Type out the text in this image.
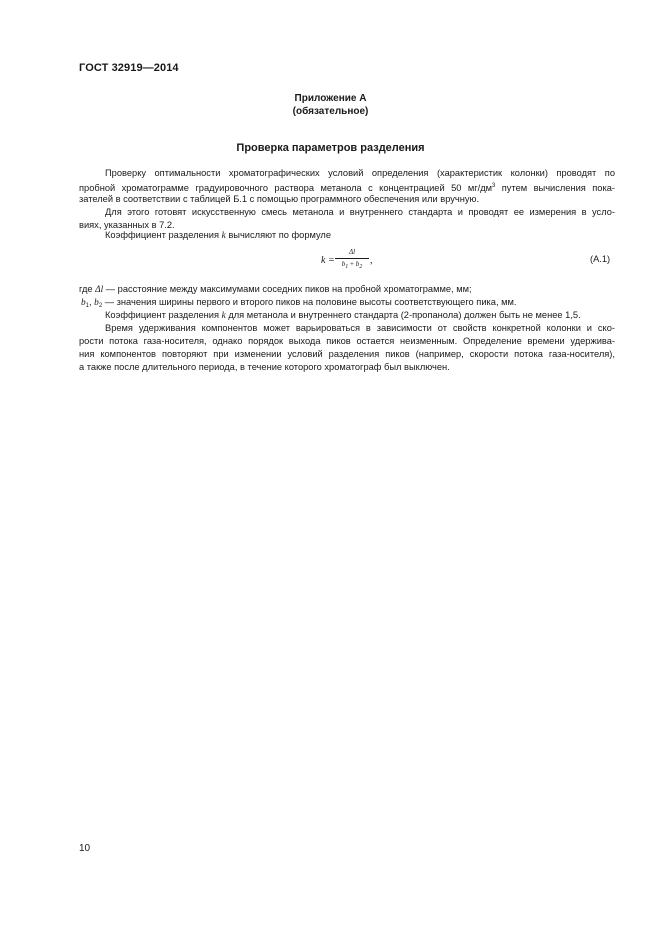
ГОСТ 32919—2014
Приложение А
(обязательное)
Проверка параметров разделения
Проверку оптимальности хроматографических условий определения (характеристик колонки) проводят по
пробной хроматограмме градуировочного раствора метанола с концентрацией 50 $мг/дм^3$ путем вычисления пока-
зателей в соответствии с таблицей Б.1 с помощью программного обеспечения или вручную.
Для этого готовят искусственную смесь метанола и внутреннего стандарта и проводят ее измерения в усло-
виях, указанных в 7.2.
Коэффициент разделения k вычисляют по формуле
k =
Δl
b1 + b2
,	(А.1)
где Δl — расстояние между максимумами соседних пиков на пробной хроматограмме, мм;
$b_1$, $b_2$ — значения ширины первого и второго пиков на половине высоты соответствующего пика, мм.
Коэффициент разделения k для метанола и внутреннего стандарта (2-пропанола) должен быть не менее 1,5.
Время удерживания компонентов может варьироваться в зависимости от свойств конкретной колонки и ско-
рости потока газа-носителя, однако порядок выхода пиков остается неизменным. Определение времени удержива-
ния компонентов повторяют при изменении условий разделения пиков (например, скорости потока газа-носителя),
а также после длительного периода, в течение которого хроматограф был выключен.
10
